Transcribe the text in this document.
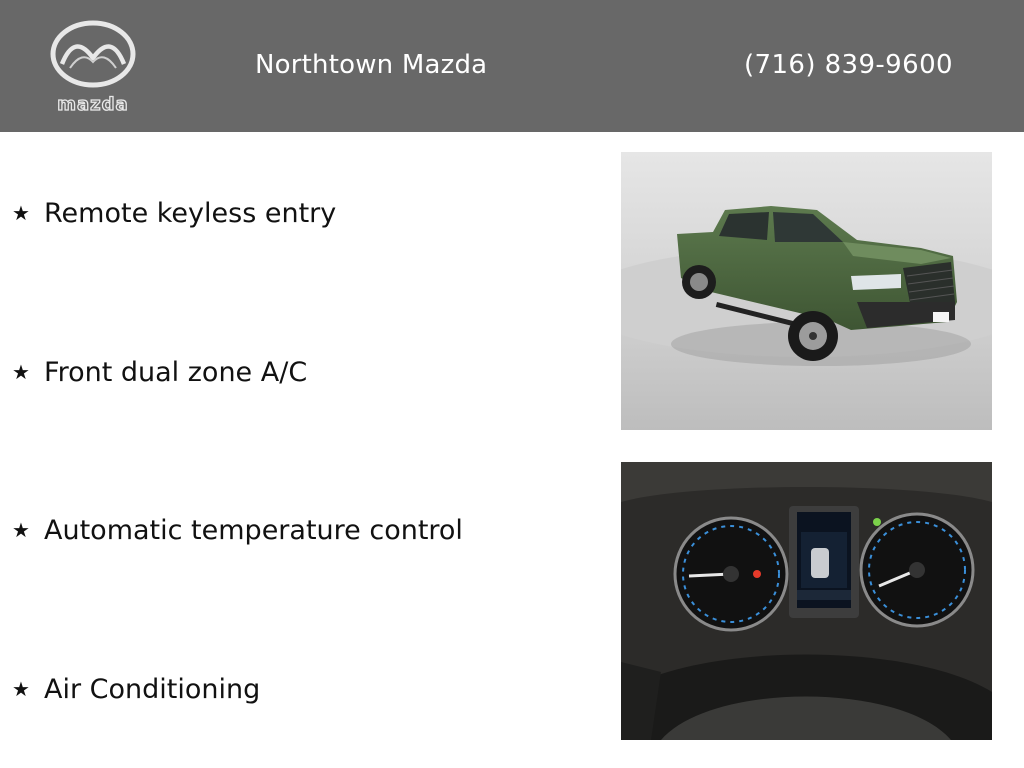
mazda
Northtown Mazda	(716) 839-9600
★ Remote keyless entry
★ Front dual zone A/C
★ Automatic temperature control
★ Air Conditioning
